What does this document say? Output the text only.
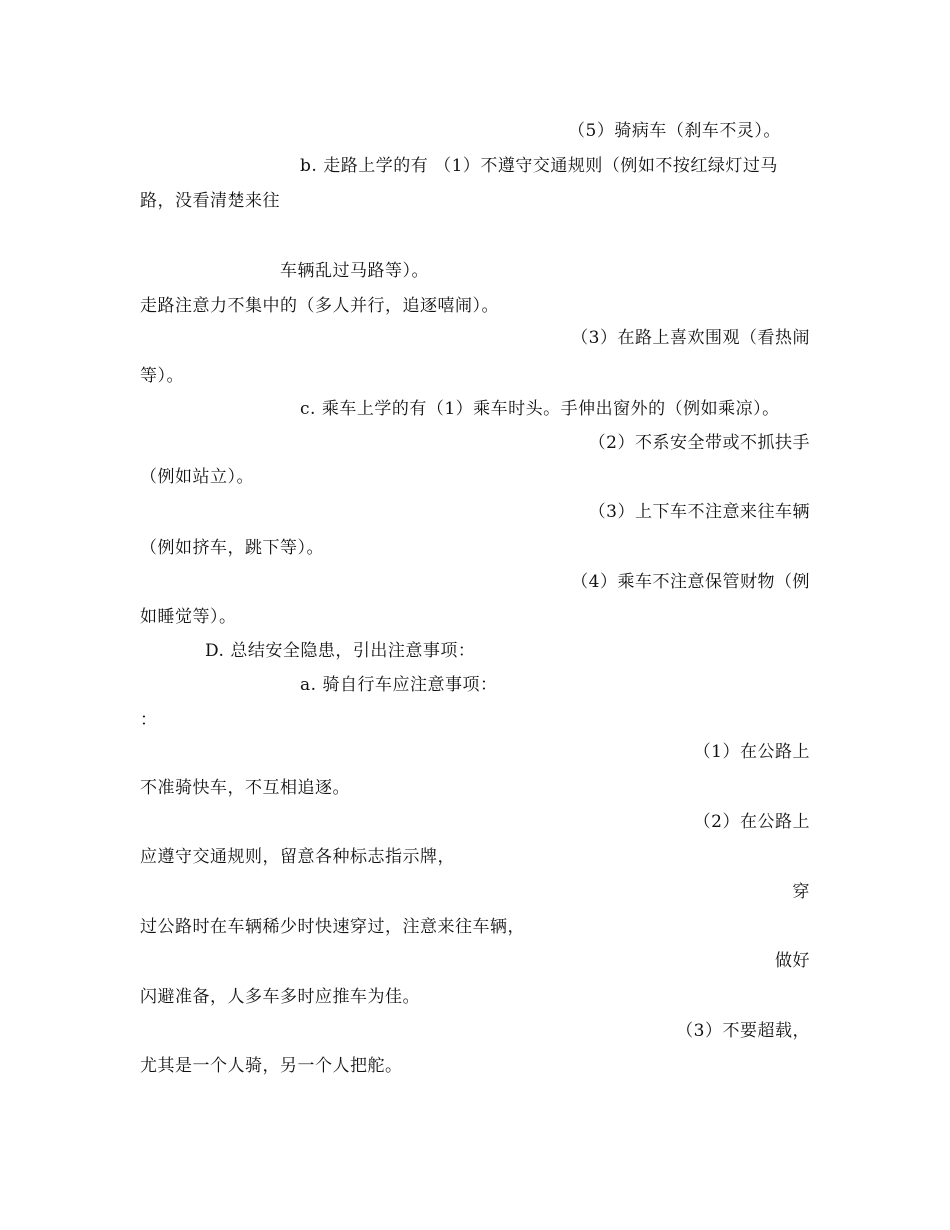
（5）骑病车（刹车不灵）。
b. 走路上学的有 （1）不遵守交通规则（例如不按红绿灯过马
路，没看清楚来往
车辆乱过马路等）。
走路注意力不集中的（多人并行，追逐嘻闹）。
（3）在路上喜欢围观（看热闹
等）。
c. 乘车上学的有（1）乘车时头。手伸出窗外的（例如乘凉）。
（2）不系安全带或不抓扶手
（例如站立）。
（3）上下车不注意来往车辆
（例如挤车，跳下等）。
（4）乘车不注意保管财物（例
如睡觉等）。
D. 总结安全隐患，引出注意事项：
a. 骑自行车应注意事项：
：
（1）在公路上
不准骑快车，不互相追逐。
（2）在公路上
应遵守交通规则，留意各种标志指示牌，
穿
过公路时在车辆稀少时快速穿过，注意来往车辆，
做好
闪避准备，人多车多时应推车为佳。
（3）不要超载，
尤其是一个人骑，另一个人把舵。
